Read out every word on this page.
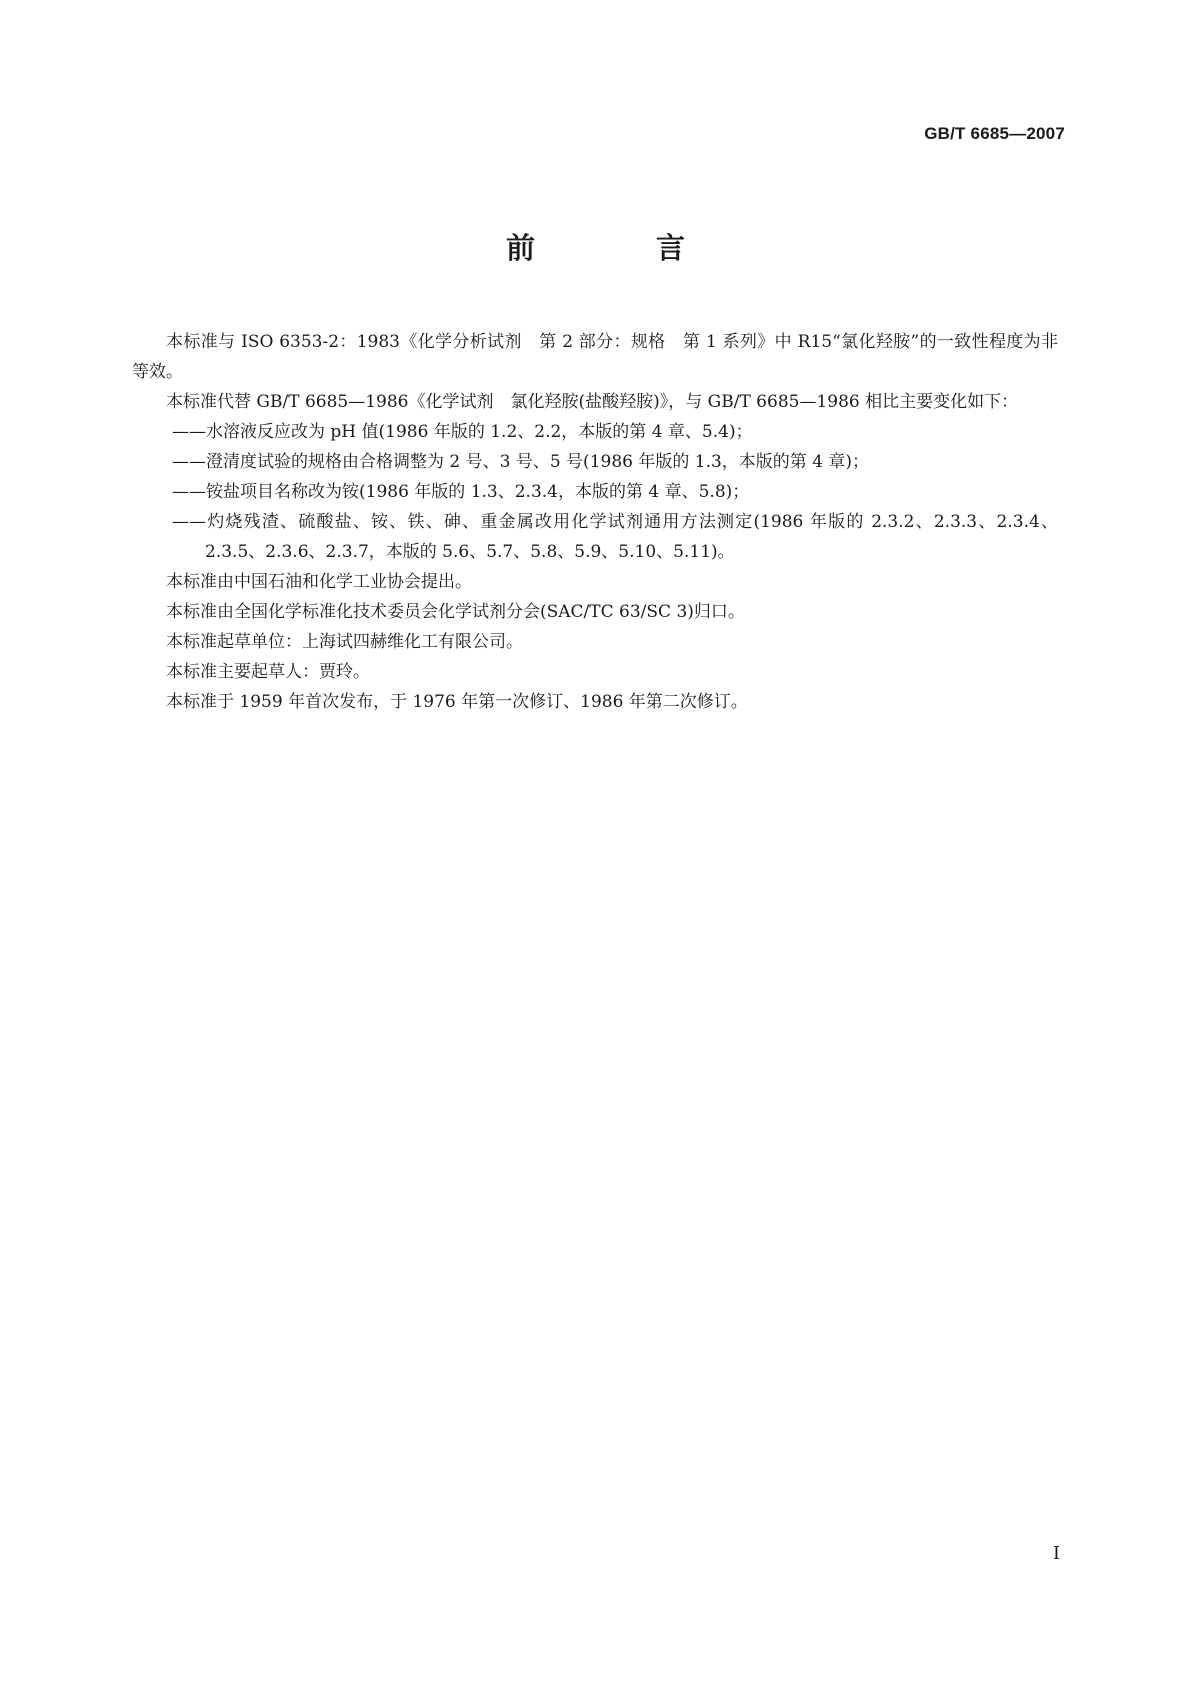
GB/T 6685—2007
前　言

本标准与 ISO 6353-2：1983《化学分析试剂　第 2 部分：规格　第 1 系列》中 R15“氯化羟胺”的一致性程度为非等效。

本标准代替 GB/T 6685—1986《化学试剂　氯化羟胺(盐酸羟胺)》，与 GB/T 6685—1986 相比主要变化如下：

——水溶液反应改为 pH 值(1986 年版的 1.2、2.2，本版的第 4 章、5.4)；

——澄清度试验的规格由合格调整为 2 号、3 号、5 号(1986 年版的 1.3，本版的第 4 章)；

——铵盐项目名称改为铵(1986 年版的 1.3、2.3.4，本版的第 4 章、5.8)；

——灼烧残渣、硫酸盐、铵、铁、砷、重金属改用化学试剂通用方法测定(1986 年版的 2.3.2、2.3.3、2.3.4、2.3.5、2.3.6、2.3.7，本版的 5.6、5.7、5.8、5.9、5.10、5.11)。

本标准由中国石油和化学工业协会提出。

本标准由全国化学标准化技术委员会化学试剂分会(SAC/TC 63/SC 3)归口。

本标准起草单位：上海试四赫维化工有限公司。

本标准主要起草人：贾玲。

本标准于 1959 年首次发布，于 1976 年第一次修订、1986 年第二次修订。

I
